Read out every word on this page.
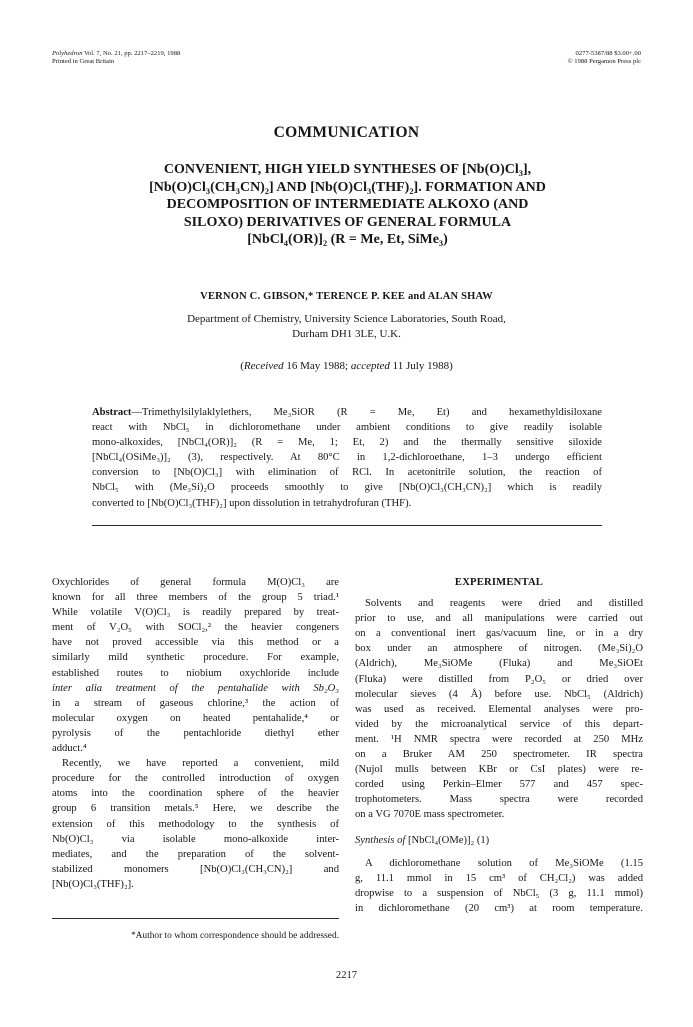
Polyhedron Vol. 7, No. 21, pp. 2217–2219, 1988
Printed in Great Britain
0277-5387/88 $3.00+.00
© 1988 Pergamon Press plc
COMMUNICATION
CONVENIENT, HIGH YIELD SYNTHESES OF [Nb(O)Cl₃],
[Nb(O)Cl₃(CH₃CN)₂] AND [Nb(O)Cl₃(THF)₂]. FORMATION AND
DECOMPOSITION OF INTERMEDIATE ALKOXO (AND
SILOXO) DERIVATIVES OF GENERAL FORMULA
[NbCl₄(OR)]₂ (R = Me, Et, SiMe₃)
VERNON C. GIBSON,* TERENCE P. KEE and ALAN SHAW
Department of Chemistry, University Science Laboratories, South Road,
Durham DH1 3LE, U.K.
(Received 16 May 1988; accepted 11 July 1988)
Abstract—Trimethylsilylaklylethers, Me₃SiOR (R = Me, Et) and hexamethyldisiloxane
react with NbCl₅ in dichloromethane under ambient conditions to give readily isolable
mono-alkoxides, [NbCl₄(OR)]₂ (R = Me, 1; Et, 2) and the thermally sensitive siloxide
[NbCl₄(OSiMe₃)]₂ (3), respectively. At 80°C in 1,2-dichloroethane, 1–3 undergo efficient
conversion to [Nb(O)Cl₃] with elimination of RCl. In acetonitrile solution, the reaction of
NbCl₅ with (Me₃Si)₂O proceeds smoothly to give [Nb(O)Cl₃(CH₃CN)₂] which is readily
converted to [Nb(O)Cl₃(THF)₂] upon dissolution in tetrahydrofuran (THF).
Oxychlorides of general formula M(O)Cl₃ are
known for all three members of the group 5 triad.¹
While volatile V(O)Cl₃ is readily prepared by treat-
ment of V₂O₅ with SOCl₂,² the heavier congeners
have not proved accessible via this method or a
similarly mild synthetic procedure. For example,
established routes to niobium oxychloride include
inter alia treatment of the pentahalide with Sb₂O₃
in a stream of gaseous chlorine,³ the action of
molecular oxygen on heated pentahalide,⁴ or
pyrolysis of the pentachloride diethyl ether
adduct.⁴
Recently, we have reported a convenient, mild
procedure for the controlled introduction of oxygen
atoms into the coordination sphere of the heavier
group 6 transition metals.⁵ Here, we describe the
extension of this methodology to the synthesis of
Nb(O)Cl₃ via isolable mono-alkoxide inter-
mediates, and the preparation of the solvent-
stabilized monomers [Nb(O)Cl₃(CH₃CN)₂] and
[Nb(O)Cl₃(THF)₂].
EXPERIMENTAL
Solvents and reagents were dried and distilled
prior to use, and all manipulations were carried out
on a conventional inert gas/vacuum line, or in a dry
box under an atmosphere of nitrogen. (Me₃Si)₂O
(Aldrich), Me₃SiOMe (Fluka) and Me₃SiOEt
(Fluka) were distilled from P₂O₅ or dried over
molecular sieves (4 Å) before use. NbCl₅ (Aldrich)
was used as received. Elemental analyses were pro-
vided by the microanalytical service of this depart-
ment. ¹H NMR spectra were recorded at 250 MHz
on a Bruker AM 250 spectrometer. IR spectra
(Nujol mulls between KBr or CsI plates) were re-
corded using Perkin–Elmer 577 and 457 spec-
trophotometers. Mass spectra were recorded
on a VG 7070E mass spectrometer.
Synthesis of [NbCl₄(OMe)]₂ (1)
A dichloromethane solution of Me₃SiOMe (1.15
g, 11.1 mmol in 15 cm³ of CH₂Cl₂) was added
dropwise to a suspension of NbCl₅ (3 g, 11.1 mmol)
in dichloromethane (20 cm³) at room temperature.
*Author to whom correspondence should be addressed.
2217
